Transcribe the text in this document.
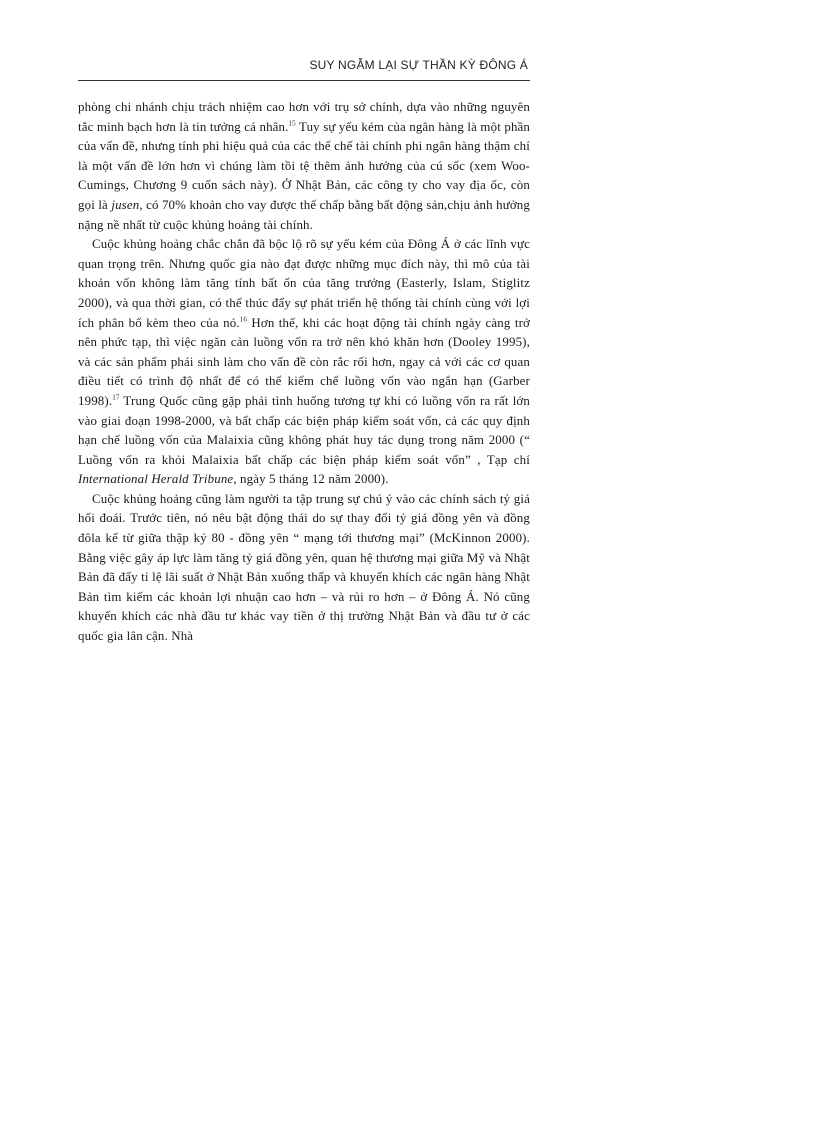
SUY NGẪM LẠI SỰ THẦN KỲ ĐÔNG Á

phòng chi nhánh chịu trách nhiệm cao hơn với trụ sở chính, dựa vào những nguyên tắc minh bạch hơn là tin tưởng cá nhân.$^{15}$ Tuy sự yếu kém của ngân hàng là một phần của vấn đề, nhưng tính phi hiệu quả của các thể chế tài chính phi ngân hàng thậm chí là một vấn đề lớn hơn vì chúng làm tồi tệ thêm ảnh hưởng của cú sốc (xem Woo-Cumings, Chương 9 cuốn sách này). Ở Nhật Bản, các công ty cho vay địa ốc, còn gọi là jusen, có 70% khoản cho vay được thế chấp bằng bất động sản,chịu ảnh hưởng nặng nề nhất từ cuộc khủng hoảng tài chính.

Cuộc khủng hoảng chắc chắn đã bộc lộ rõ sự yếu kém của Đông Á ở các lĩnh vực quan trọng trên. Nhưng quốc gia nào đạt được những mục đích này, thì mô của tài khoản vốn không làm tăng tính bất ổn của tăng trưởng (Easterly, Islam, Stiglitz 2000), và qua thời gian, có thể thúc đẩy sự phát triển hệ thống tài chính cùng với lợi ích phân bổ kèm theo của nó.$^{16}$ Hơn thế, khi các hoạt động tài chính ngày càng trở nên phức tạp, thì việc ngăn cản luồng vốn ra trở nên khó khăn hơn (Dooley 1995), và các sản phẩm phái sinh làm cho vấn đề còn rắc rối hơn, ngay cả với các cơ quan điều tiết có trình độ nhất để có thể kiểm chế luồng vốn vào ngắn hạn (Garber 1998).$^{17}$ Trung Quốc cũng gặp phải tình huống tương tự khi có luồng vốn ra rất lớn vào giai đoạn 1998-2000, và bất chấp các biện pháp kiểm soát vốn, cả các quy định hạn chế luồng vốn của Malaixia cũng không phát huy tác dụng trong năm 2000 (“ Luồng vốn ra khỏi Malaixia bất chấp các biện pháp kiểm soát vốn” , Tạp chí International Herald Tribune, ngày 5 tháng 12 năm 2000).

Cuộc khủng hoảng cũng làm người ta tập trung sự chú ý vào các chính sách tỷ giá hối đoái. Trước tiên, nó nêu bật động thái do sự thay đổi tỷ giá đồng yên và đồng đôla kể từ giữa thập kỷ 80 - đồng yên “ mạng tới thương mại” (McKinnon 2000). Bằng việc gây áp lực làm tăng tỷ giá đồng yên, quan hệ thương mại giữa Mỹ và Nhật Bản đã đẩy tỉ lệ lãi suất ở Nhật Bản xuống thấp và khuyến khích các ngân hàng Nhật Bản tìm kiếm các khoản lợi nhuận cao hơn – và rủi ro hơn – ở Đông Á. Nó cũng khuyến khích các nhà đầu tư khác vay tiền ở thị trường Nhật Bản và đầu tư ở các quốc gia lân cận. Nhà
